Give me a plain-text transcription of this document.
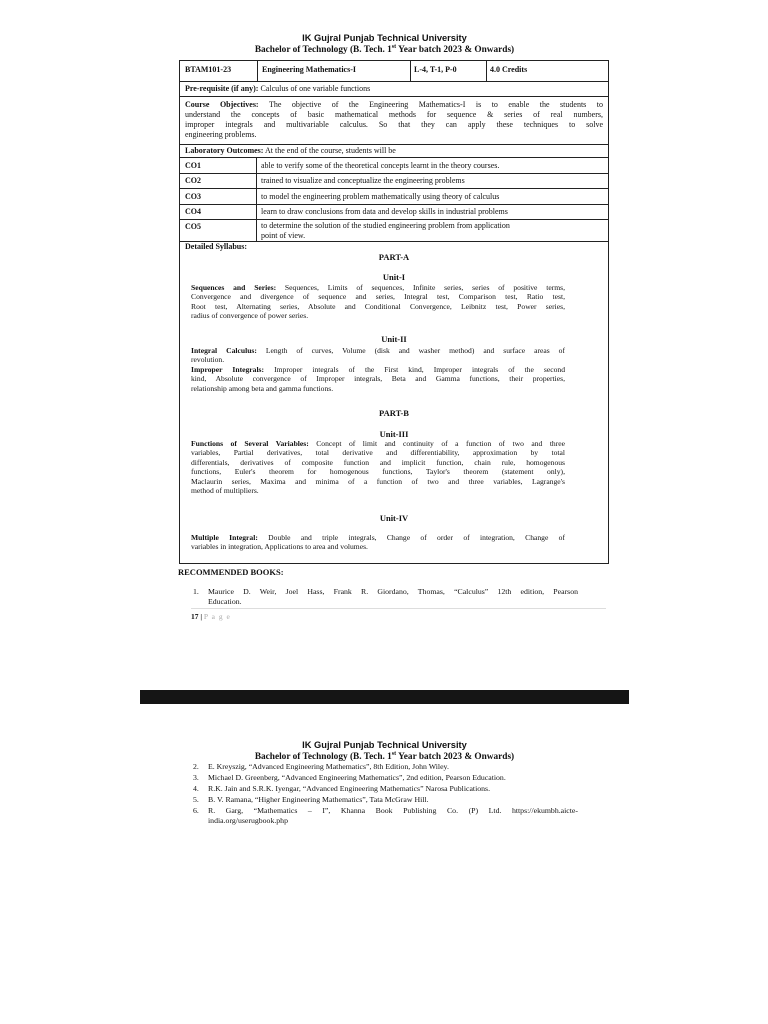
IK Gujral Punjab Technical University
Bachelor of Technology (B. Tech. 1st Year batch 2023 & Onwards)
BTAM101-23	Engineering Mathematics-I	L-4, T-1, P-0	4.0 Credits
Pre-requisite (if any): Calculus of one variable functions
Course Objectives: The objective of the Engineering Mathematics-I is to enable the students to
understand the concepts of basic mathematical methods for sequence & series of real numbers,
improper integrals and multivariable calculus. So that they can apply these techniques to solve
engineering problems.
Laboratory Outcomes: At the end of the course, students will be
CO1	able to verify some of the theoretical concepts learnt in the theory courses.
CO2	trained to visualize and conceptualize the engineering problems
CO3	to model the engineering problem mathematically using theory of calculus
CO4	learn to draw conclusions from data and develop skills in industrial problems
CO5	to determine the solution of the studied engineering problem from application
point of view.
Detailed Syllabus:
PART-A
Unit-I
Sequences and Series: Sequences, Limits of sequences, Infinite series, series of positive terms,
Convergence and divergence of sequence and series, Integral test, Comparison test, Ratio test,
Root test, Alternating series, Absolute and Conditional Convergence, Leibnitz test, Power series,
radius of convergence of power series.
Unit-II
Integral Calculus: Length of curves, Volume (disk and washer method) and surface areas of
revolution.
Improper Integrals: Improper integrals of the First kind, Improper integrals of the second
kind, Absolute convergence of Improper integrals, Beta and Gamma functions, their properties,
relationship among beta and gamma functions.
PART-B
Unit-III
Functions of Several Variables: Concept of limit and continuity of a function of two and three
variables, Partial derivatives, total derivative and differentiability, approximation by total
differentials, derivatives of composite function and implicit function, chain rule, homogenous
functions, Euler's theorem for homogenous functions, Taylor's theorem (statement only),
Maclaurin series, Maxima and minima of a function of two and three variables, Lagrange's
method of multipliers.
Unit-IV
Multiple Integral: Double and triple integrals, Change of order of integration, Change of
variables in integration, Applications to area and volumes.
RECOMMENDED BOOKS:
1. Maurice D. Weir, Joel Hass, Frank R. Giordano, Thomas, “Calculus” 12th edition, Pearson
Education.
17 | P a g e
IK Gujral Punjab Technical University
Bachelor of Technology (B. Tech. 1st Year batch 2023 & Onwards)
2. E. Kreyszig, “Advanced Engineering Mathematics”, 8th Edition, John Wiley.
3. Michael D. Greenberg, “Advanced Engineering Mathematics”, 2nd edition, Pearson Education.
4. R.K. Jain and S.R.K. Iyengar, “Advanced Engineering Mathematics” Narosa Publications.
5. B. V. Ramana, “Higher Engineering Mathematics”, Tata McGraw Hill.
6. R. Garg, “Mathematics – I”, Khanna Book Publishing Co. (P) Ltd. https://ekumbh.aicte-
india.org/userugbook.php
